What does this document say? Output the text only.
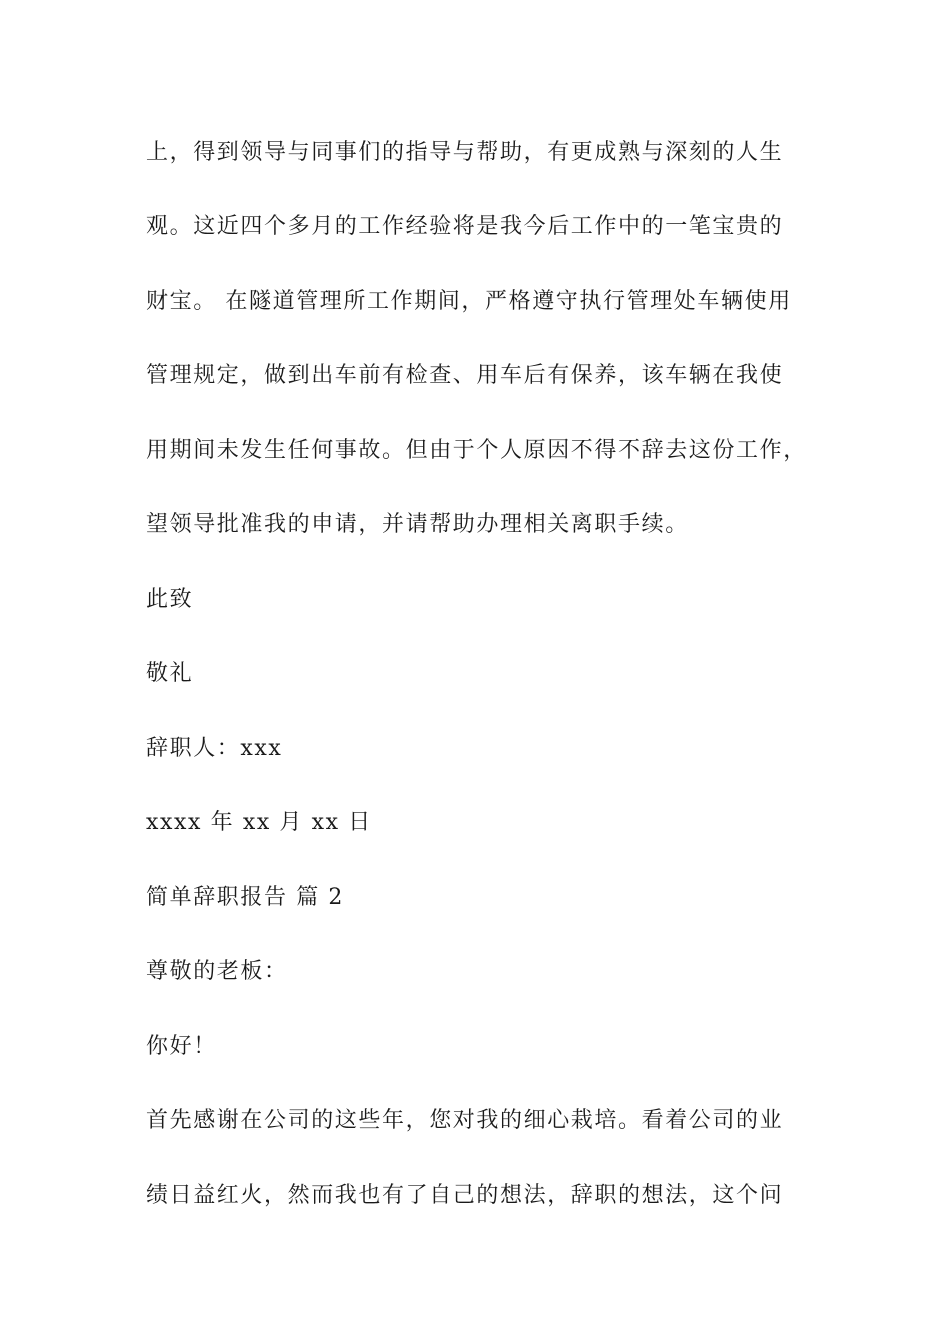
上，得到领导与同事们的指导与帮助，有更成熟与深刻的人生
观。这近四个多月的工作经验将是我今后工作中的一笔宝贵的
财宝。 在隧道管理所工作期间，严格遵守执行管理处车辆使用
管理规定，做到出车前有检查、用车后有保养，该车辆在我使
用期间未发生任何事故。但由于个人原因不得不辞去这份工作，
望领导批准我的申请，并请帮助办理相关离职手续。
此致
敬礼
辞职人：xxx
xxxx 年 xx 月 xx 日
简单辞职报告 篇 2
尊敬的老板：
你好！
首先感谢在公司的这些年，您对我的细心栽培。看着公司的业
绩日益红火，然而我也有了自己的想法，辞职的想法，这个问
